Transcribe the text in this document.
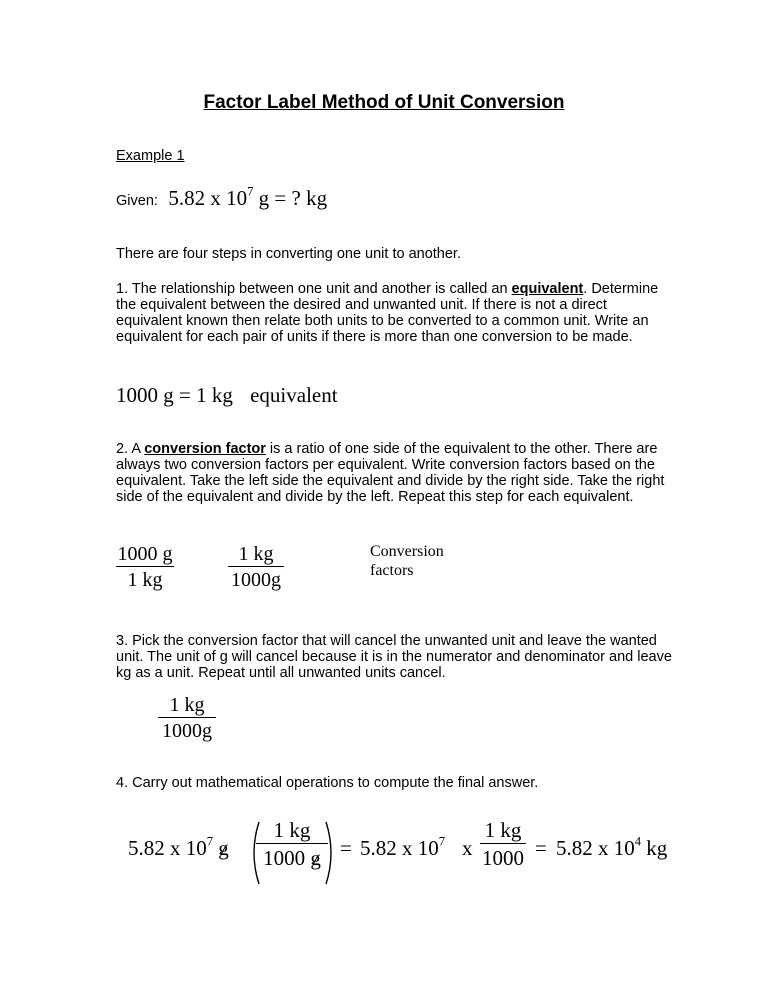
Factor Label Method of Unit Conversion
Example 1
Given: 5.82 x $10^7$ g = ? kg
There are four steps in converting one unit to another.
1. The relationship between one unit and another is called an equivalent. Determine the equivalent between the desired and unwanted unit. If there is not a direct equivalent known then relate both units to be converted to a common unit. Write an equivalent for each pair of units if there is more than one conversion to be made.
1000 g = 1 kg equivalent
2. A conversion factor is a ratio of one side of the equivalent to the other. There are always two conversion factors per equivalent. Write conversion factors based on the equivalent. Take the left side the equivalent and divide by the right side. Take the right side of the equivalent and divide by the left. Repeat this step for each equivalent.
1000 g
1 kg
1 kg
1000g
Conversion
factors
3. Pick the conversion factor that will cancel the unwanted unit and leave the wanted unit. The unit of g will cancel because it is in the numerator and denominator and leave kg as a unit. Repeat until all unwanted units cancel.
1 kg
1000g
4. Carry out mathematical operations to compute the final answer.
5.82 x $10^7$ g
1 kg
1000 g = 5.82 x $10^7$ x
1 kg
1000 = 5.82 x $10^4$ kg
